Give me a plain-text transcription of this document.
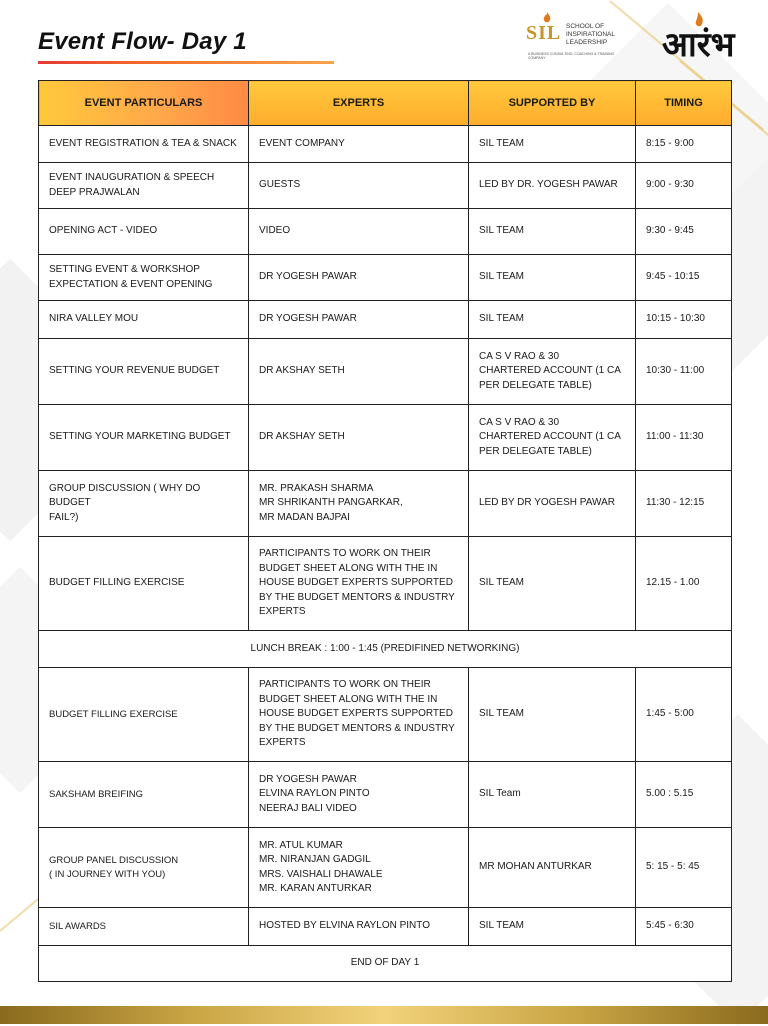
Event Flow- Day 1	SIL SCHOOL OF INSPIRATIONAL LEADERSHIP
A BUSINESS CONSULTING, COACHING & TRAINING COMPANY	आरंभ
EVENT PARTICULARS	EXPERTS	SUPPORTED BY	TIMING
EVENT REGISTRATION & TEA & SNACK	EVENT COMPANY	SIL TEAM	8:15 - 9:00
EVENT INAUGURATION & SPEECH
DEEP PRAJWALAN	GUESTS	LED BY DR. YOGESH PAWAR	9:00 - 9:30
OPENING ACT - VIDEO	VIDEO	SIL TEAM	9:30 - 9:45
SETTING EVENT & WORKSHOP
EXPECTATION & EVENT OPENING	DR YOGESH PAWAR	SIL TEAM	9:45 - 10:15
NIRA VALLEY MOU	DR YOGESH PAWAR	SIL TEAM	10:15 - 10:30
SETTING YOUR REVENUE BUDGET	DR AKSHAY SETH	CA S V RAO & 30
CHARTERED ACCOUNT (1 CA
PER DELEGATE TABLE)	10:30 - 11:00
SETTING YOUR MARKETING BUDGET	DR AKSHAY SETH	CA S V RAO & 30
CHARTERED ACCOUNT (1 CA
PER DELEGATE TABLE)	11:00 - 11:30
GROUP DISCUSSION ( WHY DO BUDGET
FAIL?)	MR. PRAKASH SHARMA
MR SHRIKANTH PANGARKAR,
MR MADAN BAJPAI	LED BY DR YOGESH PAWAR	11:30 - 12:15
BUDGET FILLING EXERCISE	PARTICIPANTS TO WORK ON THEIR
BUDGET SHEET ALONG WITH THE IN
HOUSE BUDGET EXPERTS SUPPORTED
BY THE BUDGET MENTORS & INDUSTRY
EXPERTS	SIL TEAM	12.15 - 1.00
LUNCH BREAK : 1:00 - 1:45 (PREDIFINED NETWORKING)			
BUDGET FILLING EXERCISE	PARTICIPANTS TO WORK ON THEIR
BUDGET SHEET ALONG WITH THE IN
HOUSE BUDGET EXPERTS SUPPORTED
BY THE BUDGET MENTORS & INDUSTRY
EXPERTS	SIL TEAM	1:45 - 5:00
SAKSHAM BREIFING	DR YOGESH PAWAR
ELVINA RAYLON PINTO
NEERAJ BALI VIDEO	SIL Team	5.00 : 5.15
GROUP PANEL DISCUSSION
( IN JOURNEY WITH YOU)	MR. ATUL KUMAR
MR. NIRANJAN GADGIL
MRS. VAISHALI DHAWALE
MR. KARAN ANTURKAR	MR MOHAN ANTURKAR	5: 15 - 5: 45
SIL AWARDS	HOSTED BY ELVINA RAYLON PINTO	SIL TEAM	5:45 - 6:30
END OF DAY 1			
